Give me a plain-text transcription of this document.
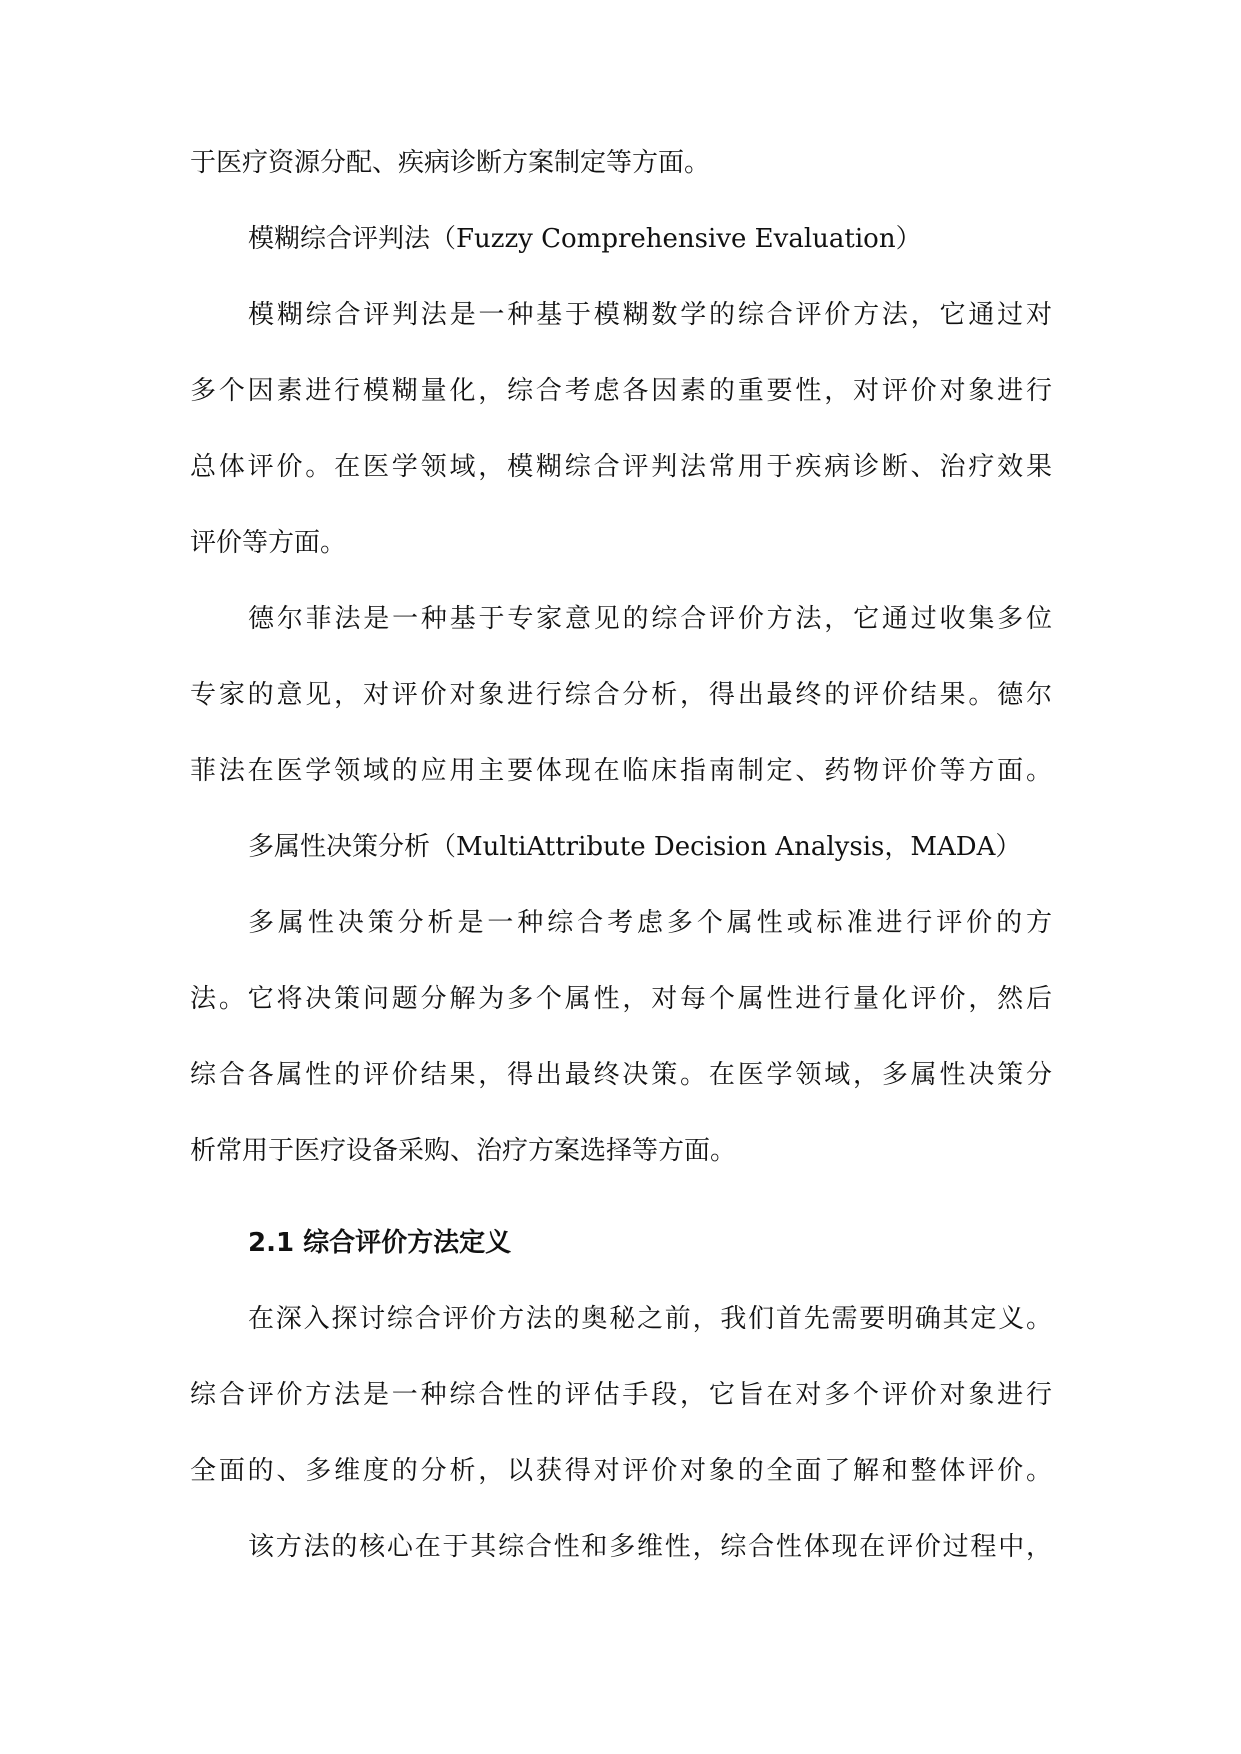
于医疗资源分配、疾病诊断方案制定等方面。
模糊综合评判法（Fuzzy Comprehensive Evaluation）
模糊综合评判法是一种基于模糊数学的综合评价方法，它通过对
多个因素进行模糊量化，综合考虑各因素的重要性，对评价对象进行
总体评价。在医学领域，模糊综合评判法常用于疾病诊断、治疗效果
评价等方面。
德尔菲法是一种基于专家意见的综合评价方法，它通过收集多位
专家的意见，对评价对象进行综合分析，得出最终的评价结果。德尔
菲法在医学领域的应用主要体现在临床指南制定、药物评价等方面。
多属性决策分析（MultiAttribute Decision Analysis，MADA）
多属性决策分析是一种综合考虑多个属性或标准进行评价的方
法。它将决策问题分解为多个属性，对每个属性进行量化评价，然后
综合各属性的评价结果，得出最终决策。在医学领域，多属性决策分
析常用于医疗设备采购、治疗方案选择等方面。
2.1 综合评价方法定义
在深入探讨综合评价方法的奥秘之前，我们首先需要明确其定义。
综合评价方法是一种综合性的评估手段，它旨在对多个评价对象进行
全面的、多维度的分析，以获得对评价对象的全面了解和整体评价。
该方法的核心在于其综合性和多维性，综合性体现在评价过程中，
